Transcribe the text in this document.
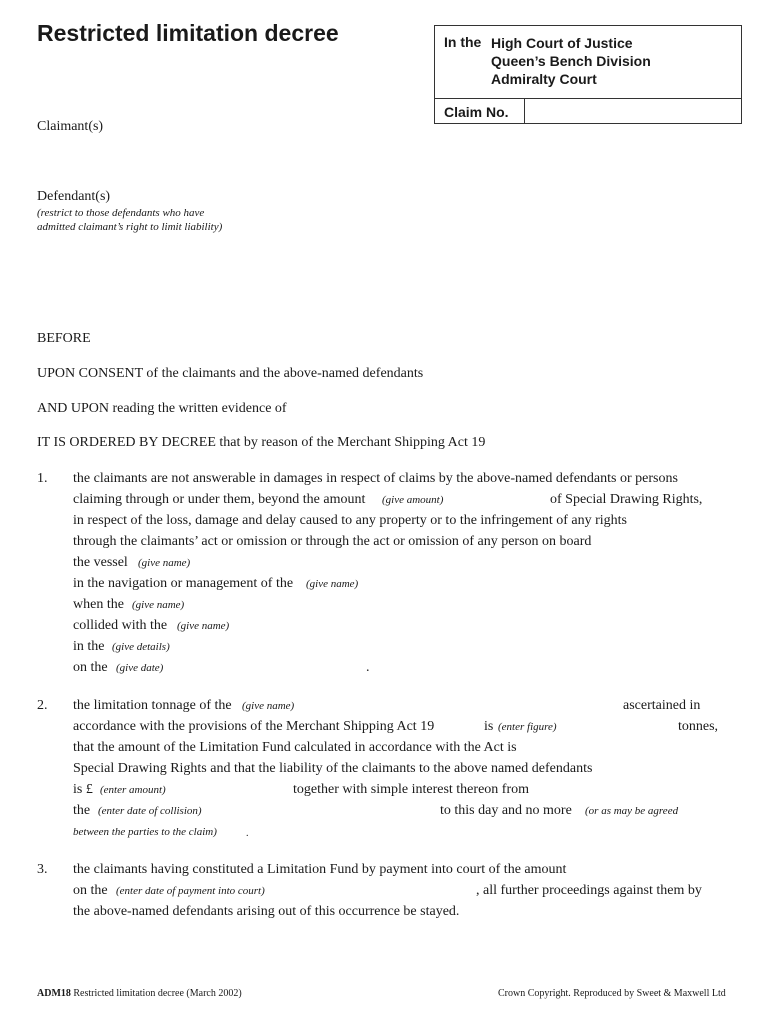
Restricted limitation decree	In the High Court of Justice
Queen’s Bench Division
Admiralty Court
Claim No.
Claimant(s)
Defendant(s)
(restrict to those defendants who have
admitted claimant’s right to limit liability)
BEFORE
UPON CONSENT of the claimants and the above-named defendants
AND UPON reading the written evidence of
IT IS ORDERED BY DECREE that by reason of the Merchant Shipping Act 19
1. the claimants are not answerable in damages in respect of claims by the above-named defendants or persons
claiming through or under them, beyond the amount (give amount)	of Special Drawing Rights,
in respect of the loss, damage and delay caused to any property or to the infringement of any rights
through the claimants’ act or omission or through the act or omission of any person on board
the vessel (give name)
in the navigation or management of the (give name)
when the (give name)
collided with the (give name)
in the (give details)
on the (give date)	.
2. the limitation tonnage of the (give name)	ascertained in
accordance with the provisions of the Merchant Shipping Act 19	is (enter figure)	tonnes,
that the amount of the Limitation Fund calculated in accordance with the Act is
Special Drawing Rights and that the liability of the claimants to the above named defendants
is £ (enter amount)	together with simple interest thereon from
the (enter date of collision)	to this day and no more (or as may be agreed
between the parties to the claim)	.
3. the claimants having constituted a Limitation Fund by payment into court of the amount
on the (enter date of payment into court)	, all further proceedings against them by
the above-named defendants arising out of this occurrence be stayed.
ADM18 Restricted limitation decree (March 2002)	Crown Copyright. Reproduced by Sweet & Maxwell Ltd
